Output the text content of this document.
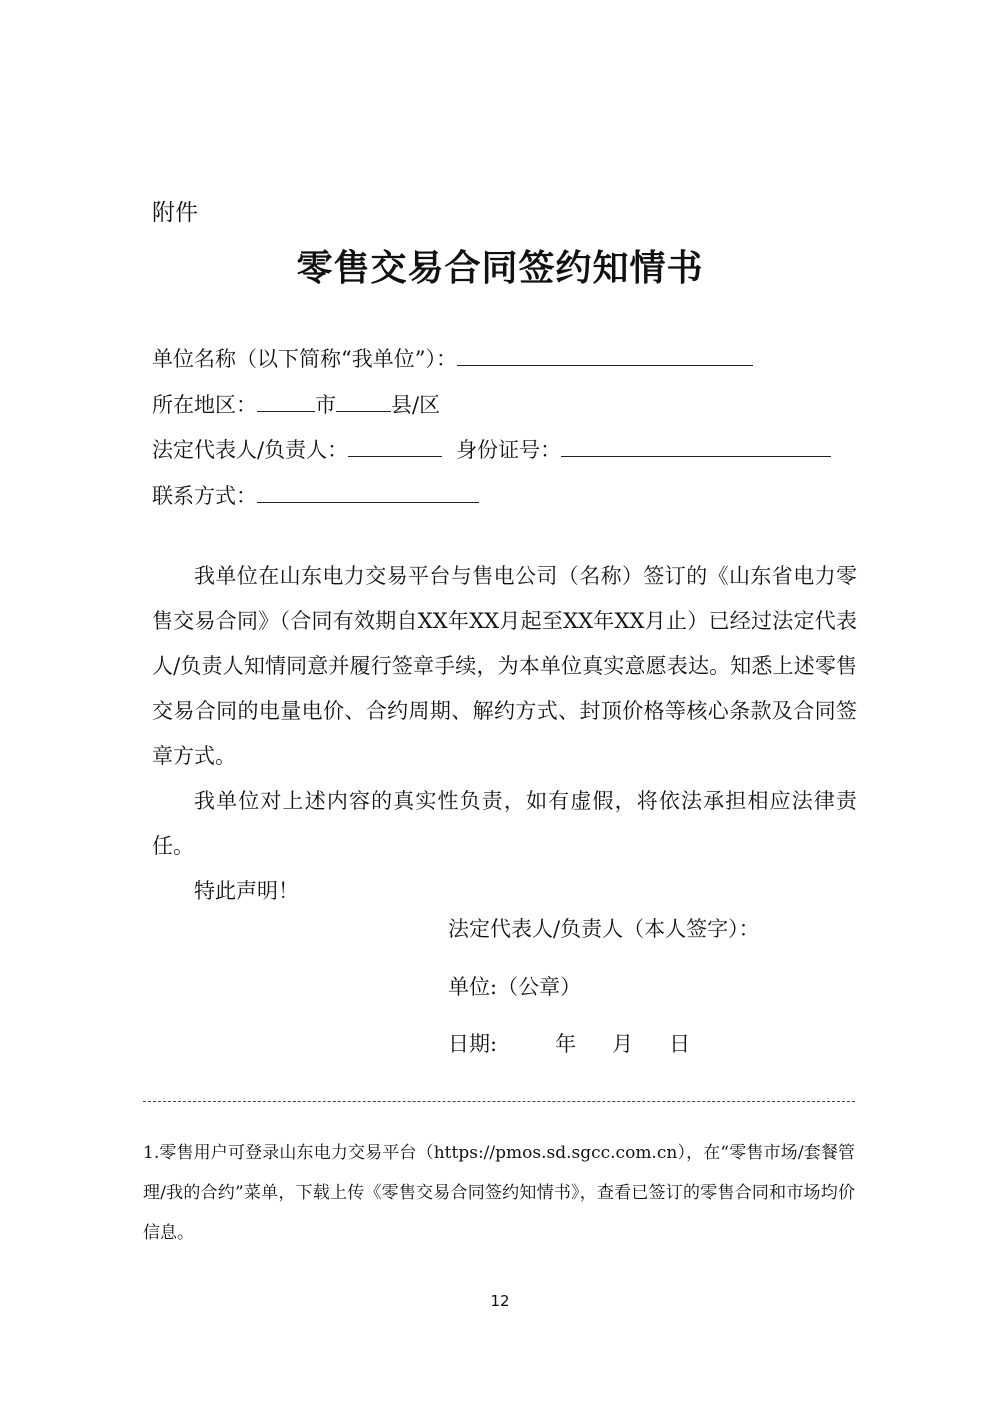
附件
零售交易合同签约知情书
单位名称（以下简称“我单位”）：
所在地区：	市	县/区
法定代表人/负责人：	身份证号：
联系方式：

我单位在山东电力交易平台与售电公司（名称）签订的《山东省电力零售交易合同》（合同有效期自XX年XX月起至XX年XX月止）已经过法定代表人/负责人知情同意并履行签章手续，为本单位真实意愿表达。知悉上述零售交易合同的电量电价、合约周期、解约方式、封顶价格等核心条款及合同签章方式。

我单位对上述内容的真实性负责，如有虚假，将依法承担相应法律责任。

特此声明！

法定代表人/负责人（本人签字）：
单位:（公章）
日期:	年 月 日

1.零售用户可登录山东电力交易平台（https://pmos.sd.sgcc.com.cn），在“零售市场/套餐管理/我的合约”菜单，下载上传《零售交易合同签约知情书》，查看已签订的零售合同和市场均价信息。

12
